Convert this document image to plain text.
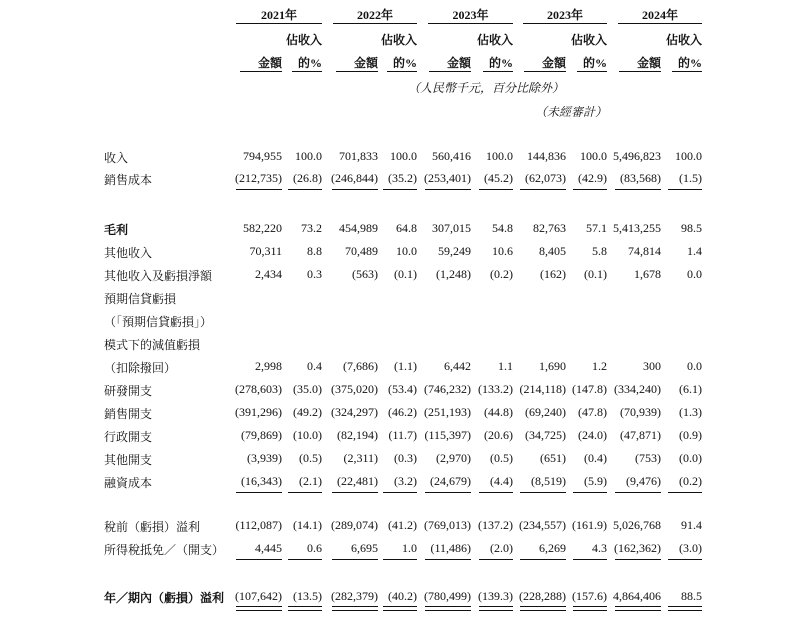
2021年
佔收入
金額	的%
2022年
佔收入
金額	的%
2023年
佔收入
金額	的%
2023年
佔收入
金額	的%
2024年
佔收入
金額	的%
（人民幣千元，百分比除外）
（未經審計）
收入	794,955	100.0	701,833	100.0	560,416	100.0	144,836	100.0 5,496,823	100.0
銷售成本	(212,735) (26.8) (246,844) (35.2) (253,401)	(45.2)	(62,073)	(42.9)	(83,568)	(1.5)
毛利	582,220	73.2	454,989	64.8	307,015	54.8	82,763	57.1 5,413,255	98.5
其他收入	70,311	8.8	70,489	10.0	59,249	10.6	8,405	5.8	74,814	1.4
其他收入及虧損淨額	2,434	0.3	(563)	(0.1)	(1,248)	(0.2)	(162)	(0.1)	1,678	0.0
預期信貸虧損
（「預期信貸虧損」）
模式下的減值虧損
（扣除撥回）	2,998	0.4	(7,686)	(1.1)	6,442	1.1	1,690	1.2	300	0.0
研發開支	(278,603) (35.0) (375,020) (53.4) (746,232) (133.2) (214,118) (147.8) (334,240)	(6.1)
銷售開支	(391,296) (49.2) (324,297) (46.2) (251,193)	(44.8)	(69,240)	(47.8)	(70,939)	(1.3)
行政開支	(79,869) (10.0)	(82,194) (11.7) (115,397)	(20.6)	(34,725)	(24.0)	(47,871)	(0.9)
其他開支	(3,939)	(0.5)	(2,311)	(0.3)	(2,970)	(0.5)	(651)	(0.4)	(753)	(0.0)
融資成本	(16,343)	(2.1)	(22,481)	(3.2)	(24,679)	(4.4)	(8,519)	(5.9)	(9,476)	(0.2)
稅前（虧損）溢利	(112,087) (14.1) (289,074) (41.2) (769,013) (137.2) (234,557) (161.9) 5,026,768	91.4
所得稅抵免／（開支）	4,445	0.6	6,695	1.0	(11,486)	(2.0)	6,269	4.3 (162,362)	(3.0)
年／期內（虧損）溢利 (107,642) (13.5) (282,379) (40.2) (780,499) (139.3) (228,288) (157.6) 4,864,406	88.5
